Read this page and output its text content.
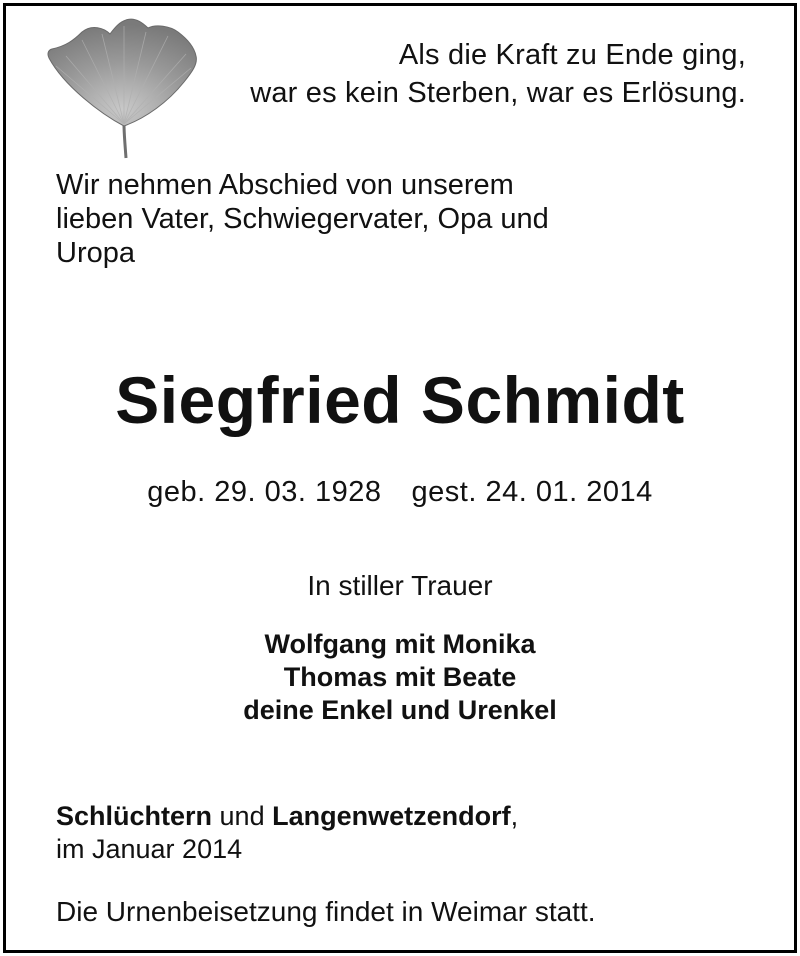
Als die Kraft zu Ende ging,
war es kein Sterben, war es Erlösung.
Wir nehmen Abschied von unserem
lieben Vater, Schwiegervater, Opa und
Uropa
Siegfried Schmidt
geb. 29. 03. 1928 gest. 24. 01. 2014
In stiller Trauer
Wolfgang mit Monika
Thomas mit Beate
deine Enkel und Urenkel
Schlüchtern und Langenwetzendorf,
im Januar 2014
Die Urnenbeisetzung findet in Weimar statt.
